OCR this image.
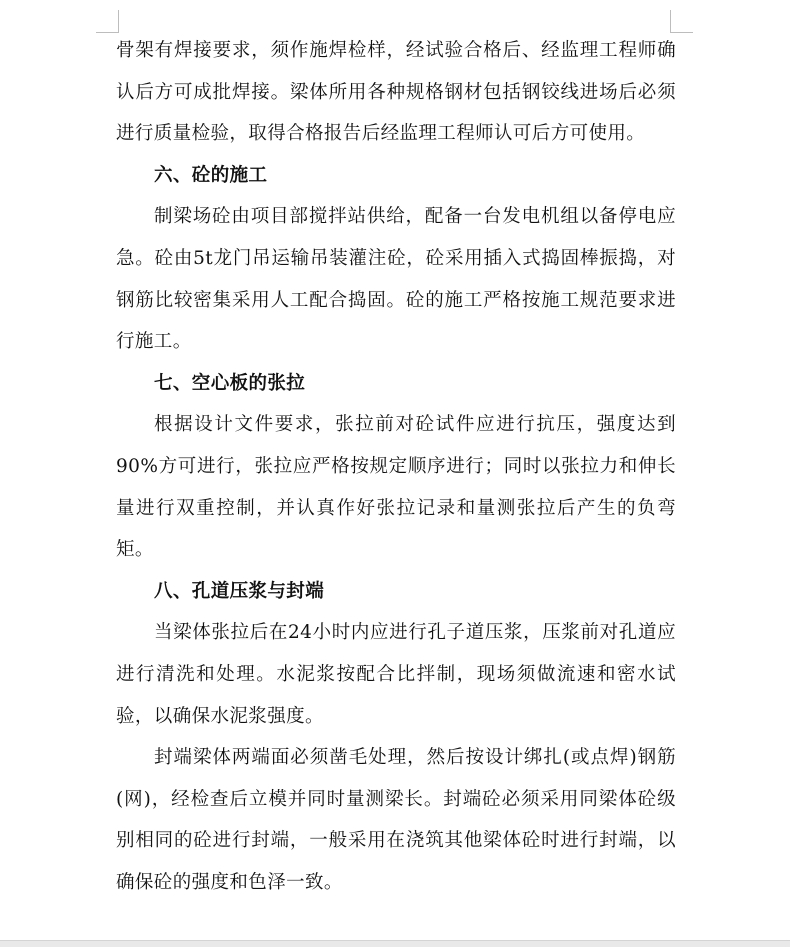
骨架有焊接要求，须作施焊检样，经试验合格后、经监理工程师确认后方可成批焊接。梁体所用各种规格钢材包括钢铰线进场后必须进行质量检验，取得合格报告后经监理工程师认可后方可使用。

六、砼的施工

制梁场砼由项目部搅拌站供给，配备一台发电机组以备停电应急。砼由5t龙门吊运输吊装灌注砼，砼采用插入式捣固棒振捣，对钢筋比较密集采用人工配合捣固。砼的施工严格按施工规范要求进行施工。

七、空心板的张拉

根据设计文件要求，张拉前对砼试件应进行抗压，强度达到90%方可进行，张拉应严格按规定顺序进行；同时以张拉力和伸长量进行双重控制，并认真作好张拉记录和量测张拉后产生的负弯矩。

八、孔道压浆与封端

当梁体张拉后在24小时内应进行孔子道压浆，压浆前对孔道应进行清洗和处理。水泥浆按配合比拌制，现场须做流速和密水试验，以确保水泥浆强度。

封端梁体两端面必须凿毛处理，然后按设计绑扎(或点焊)钢筋(网)，经检查后立模并同时量测梁长。封端砼必须采用同梁体砼级别相同的砼进行封端，一般采用在浇筑其他梁体砼时进行封端，以确保砼的强度和色泽一致。
